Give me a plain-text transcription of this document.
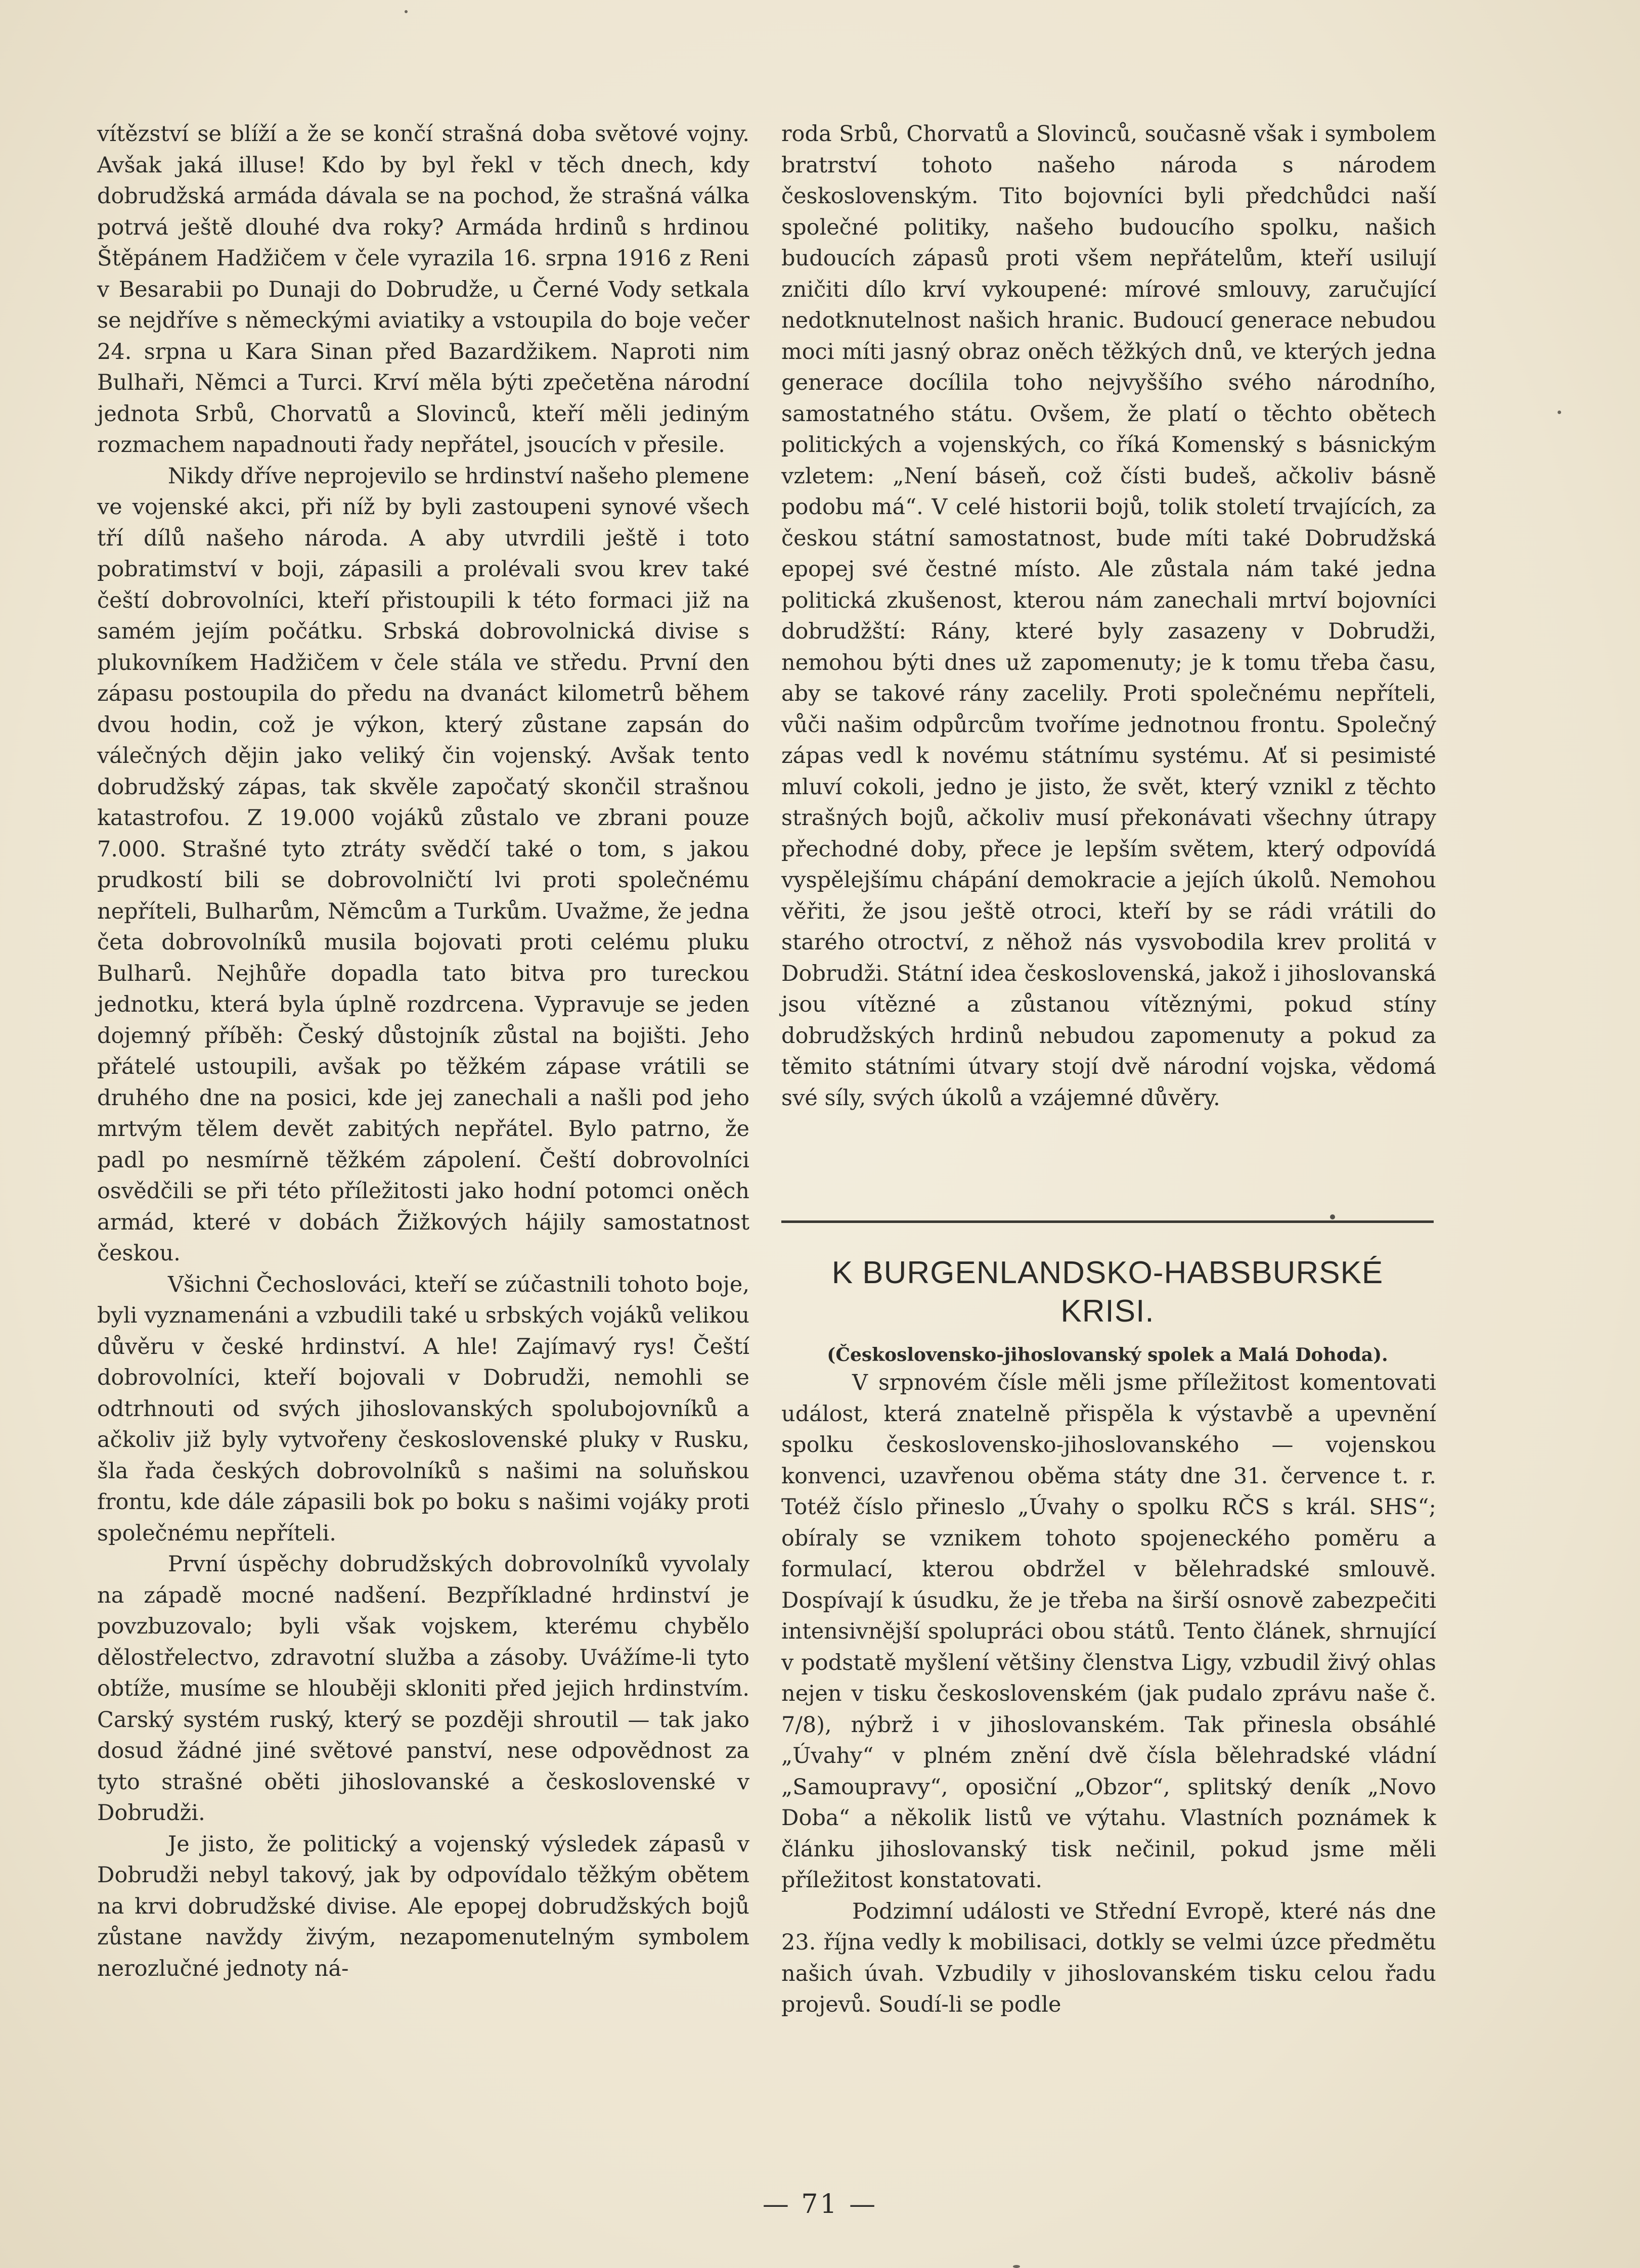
vítězství se blíží a že se končí strašná doba světové vojny. Avšak jaká illuse! Kdo by byl řekl v těch dnech, kdy dobrudžská armáda dávala se na pochod, že strašná válka potrvá ještě dlouhé dva roky? Armáda hrdinů s hrdinou Štěpánem Hadžičem v čele vyrazila 16. srpna 1916 z Reni v Besarabii po Dunaji do Dobrudže, u Černé Vody setkala se nejdříve s německými aviatiky a vstoupila do boje večer 24. srpna u Kara Sinan před Bazardžikem. Naproti nim Bulhaři, Němci a Turci. Krví měla býti zpečetěna národní jednota Srbů, Chorvatů a Slovinců, kteří měli jediným rozmachem napadnouti řady nepřátel, jsoucích v přesile.

Nikdy dříve neprojevilo se hrdinství našeho plemene ve vojenské akci, při níž by byli zastoupeni synové všech tří dílů našeho národa. A aby utvrdili ještě i toto pobratimství v boji, zápasili a prolévali svou krev také čeští dobrovolníci, kteří přistoupili k této formaci již na samém jejím počátku. Srbská dobrovolnická divise s plukovníkem Hadžičem v čele stála ve středu. První den zápasu postoupila do předu na dvanáct kilometrů během dvou hodin, což je výkon, který zůstane zapsán do válečných dějin jako veliký čin vojenský. Avšak tento dobrudžský zápas, tak skvěle započatý skončil strašnou katastrofou. Z 19.000 vojáků zůstalo ve zbrani pouze 7.000. Strašné tyto ztráty svědčí také o tom, s jakou prudkostí bili se dobrovolničtí lvi proti společnému nepříteli, Bulharům, Němcům a Turkům. Uvažme, že jedna četa dobrovolníků musila bojovati proti celému pluku Bulharů. Nejhůře dopadla tato bitva pro tureckou jednotku, která byla úplně rozdrcena. Vypravuje se jeden dojemný příběh: Český důstojník zůstal na bojišti. Jeho přátelé ustoupili, avšak po těžkém zápase vrátili se druhého dne na posici, kde jej zanechali a našli pod jeho mrtvým tělem devět zabitých nepřátel. Bylo patrno, že padl po nesmírně těžkém zápolení. Čeští dobrovolníci osvědčili se při této příležitosti jako hodní potomci oněch armád, které v dobách Žižkových hájily samostatnost českou.

Všichni Čechoslováci, kteří se zúčastnili tohoto boje, byli vyznamenáni a vzbudili také u srbských vojáků velikou důvěru v české hrdinství. A hle! Zajímavý rys! Čeští dobrovolníci, kteří bojovali v Dobrudži, nemohli se odtrhnouti od svých jihoslovanských spolubojovníků a ačkoliv již byly vytvořeny československé pluky v Rusku, šla řada českých dobrovolníků s našimi na soluňskou frontu, kde dále zápasili bok po boku s našimi vojáky proti společnému nepříteli.

První úspěchy dobrudžských dobrovolníků vyvolaly na západě mocné nadšení. Bezpříkladné hrdinství je povzbuzovalo; byli však vojskem, kterému chybělo dělostřelectvo, zdravotní služba a zásoby. Uvážíme-li tyto obtíže, musíme se hlouběji skloniti před jejich hrdinstvím. Carský systém ruský, který se později shroutil — tak jako dosud žádné jiné světové panství, nese odpovědnost za tyto strašné oběti jihoslovanské a československé v Dobrudži.

Je jisto, že politický a vojenský výsledek zápasů v Dobrudži nebyl takový, jak by odpovídalo těžkým obětem na krvi dobrudžské divise. Ale epopej dobrudžských bojů zůstane navždy živým, nezapomenutelným symbolem nerozlučné jednoty ná-

roda Srbů, Chorvatů a Slovinců, současně však i symbolem bratrství tohoto našeho národa s národem československým. Tito bojovníci byli předchůdci naší společné politiky, našeho budoucího spolku, našich budoucích zápasů proti všem nepřátelům, kteří usilují zničiti dílo krví vykoupené: mírové smlouvy, zaručující nedotknutelnost našich hranic. Budoucí generace nebudou moci míti jasný obraz oněch těžkých dnů, ve kterých jedna generace docílila toho nejvyššího svého národního, samostatného státu. Ovšem, že platí o těchto obětech politických a vojenských, co říká Komenský s básnickým vzletem: „Není báseň, což čísti budeš, ačkoliv básně podobu má“. V celé historii bojů, tolik století trvajících, za českou státní samostatnost, bude míti také Dobrudžská epopej své čestné místo. Ale zůstala nám také jedna politická zkušenost, kterou nám zanechali mrtví bojovníci dobrudžští: Rány, které byly zasazeny v Dobrudži, nemohou býti dnes už zapomenuty; je k tomu třeba času, aby se takové rány zacelily. Proti společnému nepříteli, vůči našim odpůrcům tvoříme jednotnou frontu. Společný zápas vedl k novému státnímu systému. Ať si pesimisté mluví cokoli, jedno je jisto, že svět, který vznikl z těchto strašných bojů, ačkoliv musí překonávati všechny útrapy přechodné doby, přece je lepším světem, který odpovídá vyspělejšímu chápání demokracie a jejích úkolů. Nemohou věřiti, že jsou ještě otroci, kteří by se rádi vrátili do starého otroctví, z něhož nás vysvobodila krev prolitá v Dobrudži. Státní idea československá, jakož i jihoslovanská jsou vítězné a zůstanou vítěznými, pokud stíny dobrudžských hrdinů nebudou zapomenuty a pokud za těmito státními útvary stojí dvě národní vojska, vědomá své síly, svých úkolů a vzájemné důvěry.

K BURGENLANDSKO-HABSBURSKÉ KRISI.
(Československo-jihoslovanský spolek a Malá Dohoda).

V srpnovém čísle měli jsme příležitost komentovati událost, která znatelně přispěla k výstavbě a upevnění spolku československo-jihoslovanského — vojenskou konvenci, uzavřenou oběma státy dne 31. července t. r. Totéž číslo přineslo „Úvahy o spolku RČS s král. SHS“; obíraly se vznikem tohoto spojeneckého poměru a formulací, kterou obdržel v bělehradské smlouvě. Dospívají k úsudku, že je třeba na širší osnově zabezpečiti intensivnější spolupráci obou států. Tento článek, shrnující v podstatě myšlení většiny členstva Ligy, vzbudil živý ohlas nejen v tisku československém (jak pudalo zprávu naše č. 7/8), nýbrž i v jihoslovanském. Tak přinesla obsáhlé „Úvahy“ v plném znění dvě čísla bělehradské vládní „Samoupravy“, oposiční „Obzor“, splitský deník „Novo Doba“ a několik listů ve výtahu. Vlastních poznámek k článku jihoslovanský tisk nečinil, pokud jsme měli příležitost konstatovati.

Podzimní události ve Střední Evropě, které nás dne 23. října vedly k mobilisaci, dotkly se velmi úzce předmětu našich úvah. Vzbudily v jihoslovanském tisku celou řadu projevů. Soudí-li se podle

— 71 —
